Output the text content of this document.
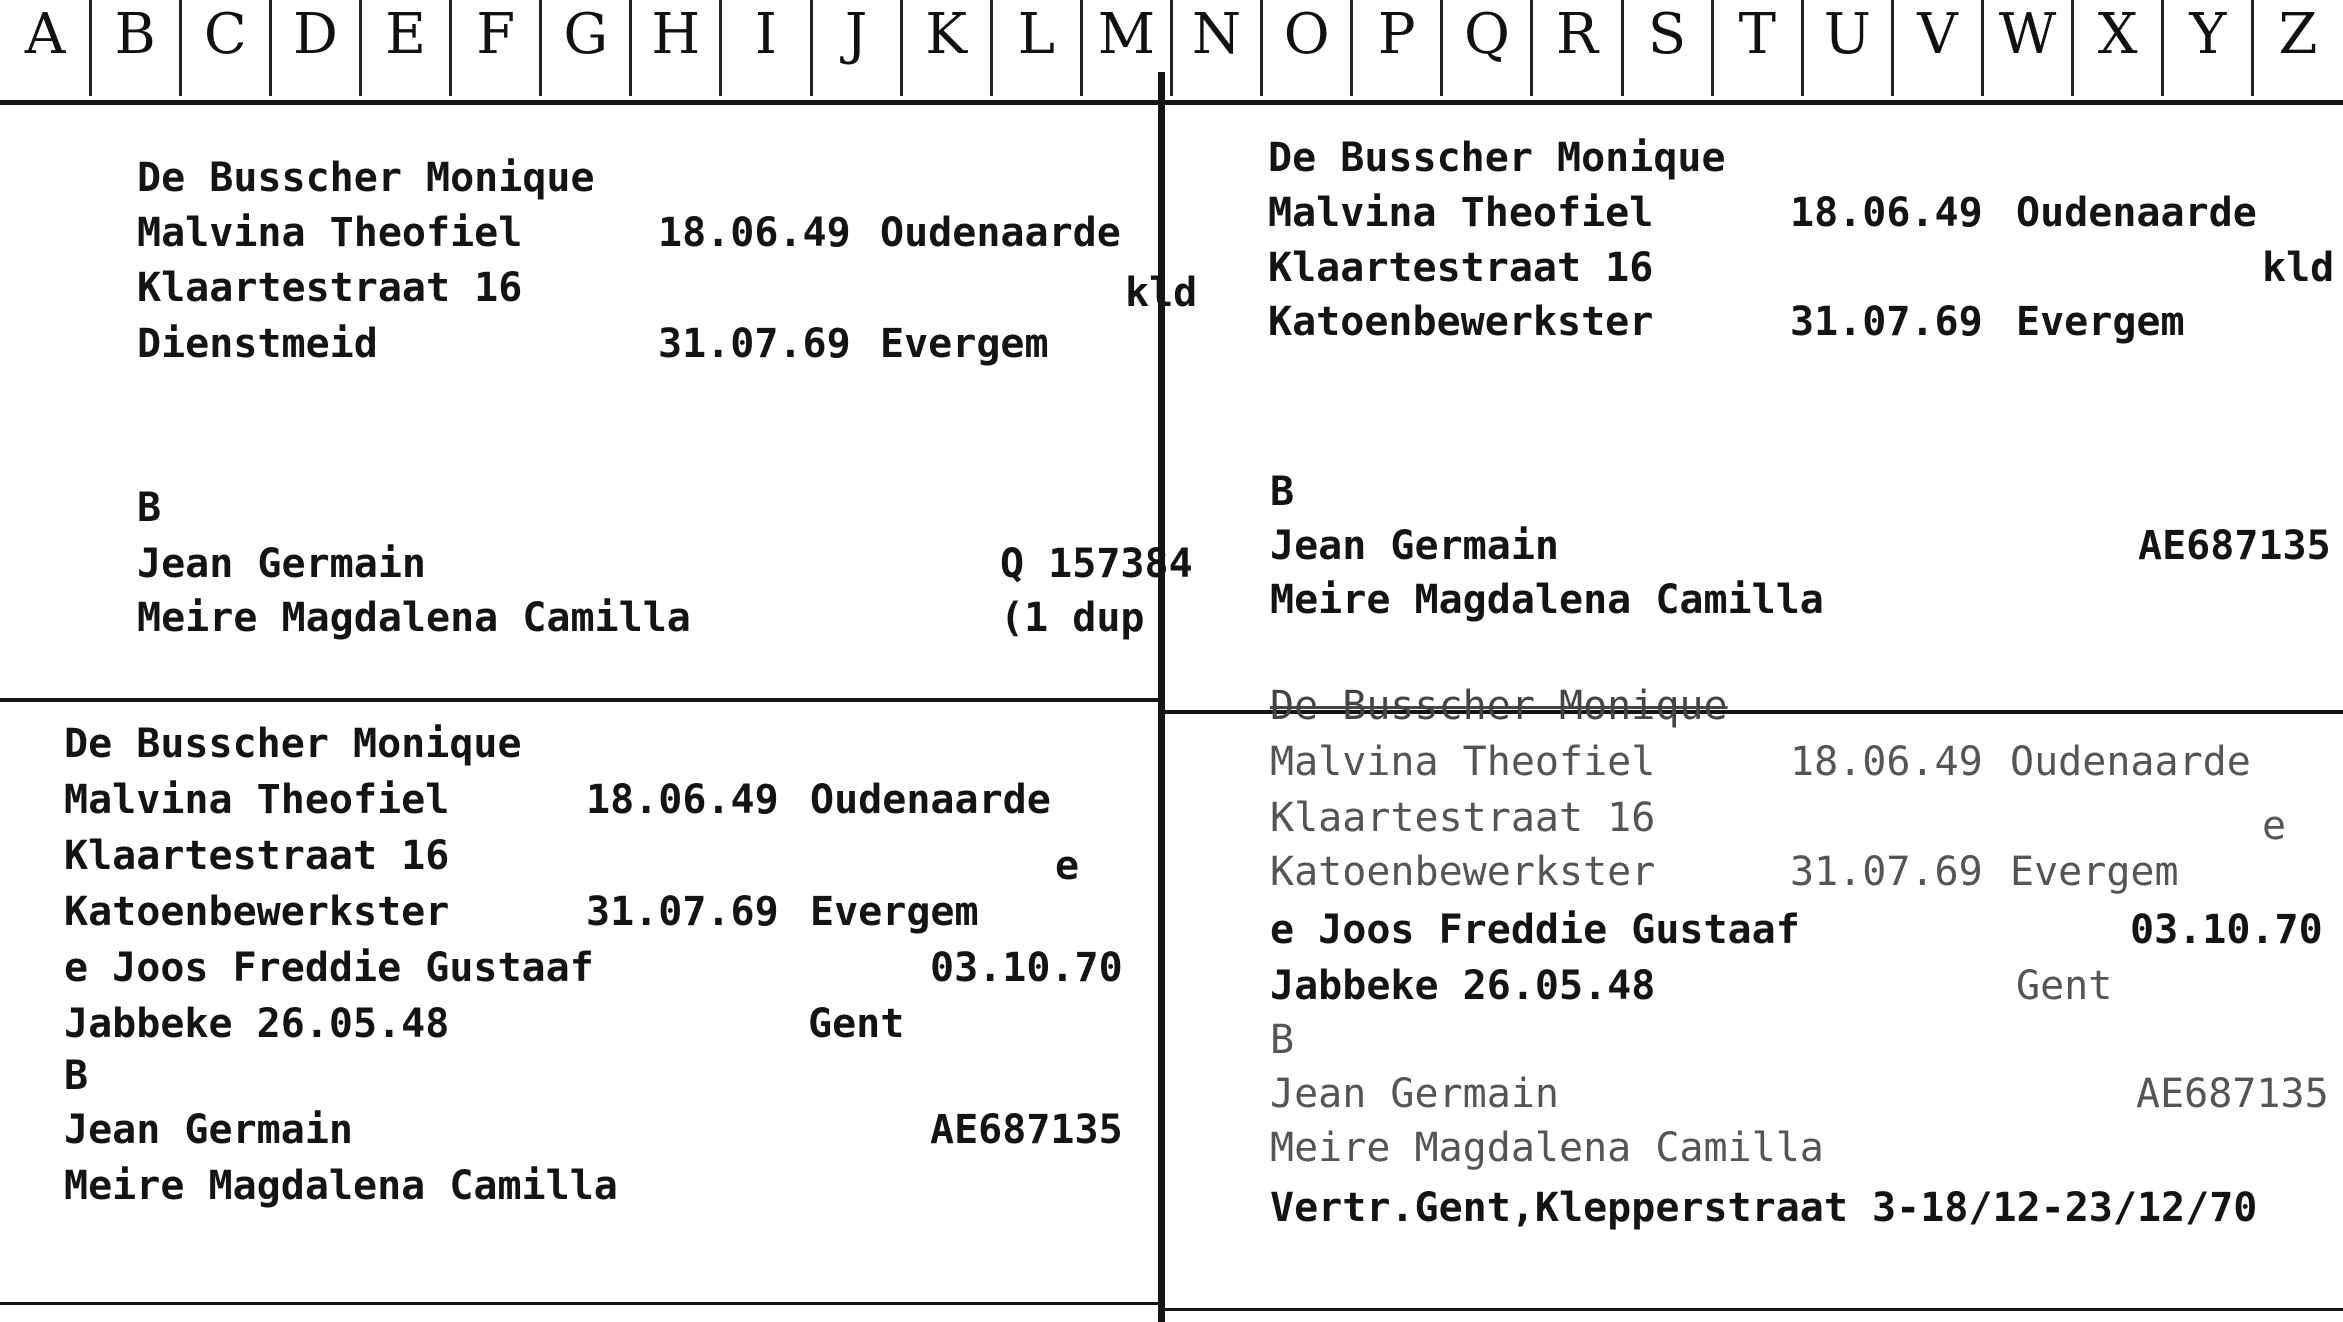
A B C D E F G H I	J	K L M N O P Q R S T U V W X Y Z
De Busscher Monique
Malvina Theofiel	18.06.49 Oudenaarde
Klaartestraat 16	kld
Dienstmeid	31.07.69 Evergem
B
Jean Germain	Q 157384
Meire Magdalena Camilla	(1 dup
De Busscher Monique
Malvina Theofiel	18.06.49 Oudenaarde
Klaartestraat 16	kld
Katoenbewerkster	31.07.69 Evergem
B
Jean Germain	AE687135
Meire Magdalena Camilla
De Busscher Monique
Malvina Theofiel	18.06.49 Oudenaarde
Klaartestraat 16	e
Katoenbewerkster	31.07.69 Evergem
e Joos Freddie Gustaaf	03.10.70
Jabbeke 26.05.48	Gent
B
Jean Germain	AE687135
Meire Magdalena Camilla
De Busscher Monique
Malvina Theofiel	18.06.49 Oudenaarde
Klaartestraat 16	e
Katoenbewerkster	31.07.69 Evergem
e Joos Freddie Gustaaf	03.10.70
Jabbeke 26.05.48	Gent
B
Jean Germain	AE687135
Meire Magdalena Camilla
Vertr.Gent,Klepperstraat 3-18/12-23/12/70
